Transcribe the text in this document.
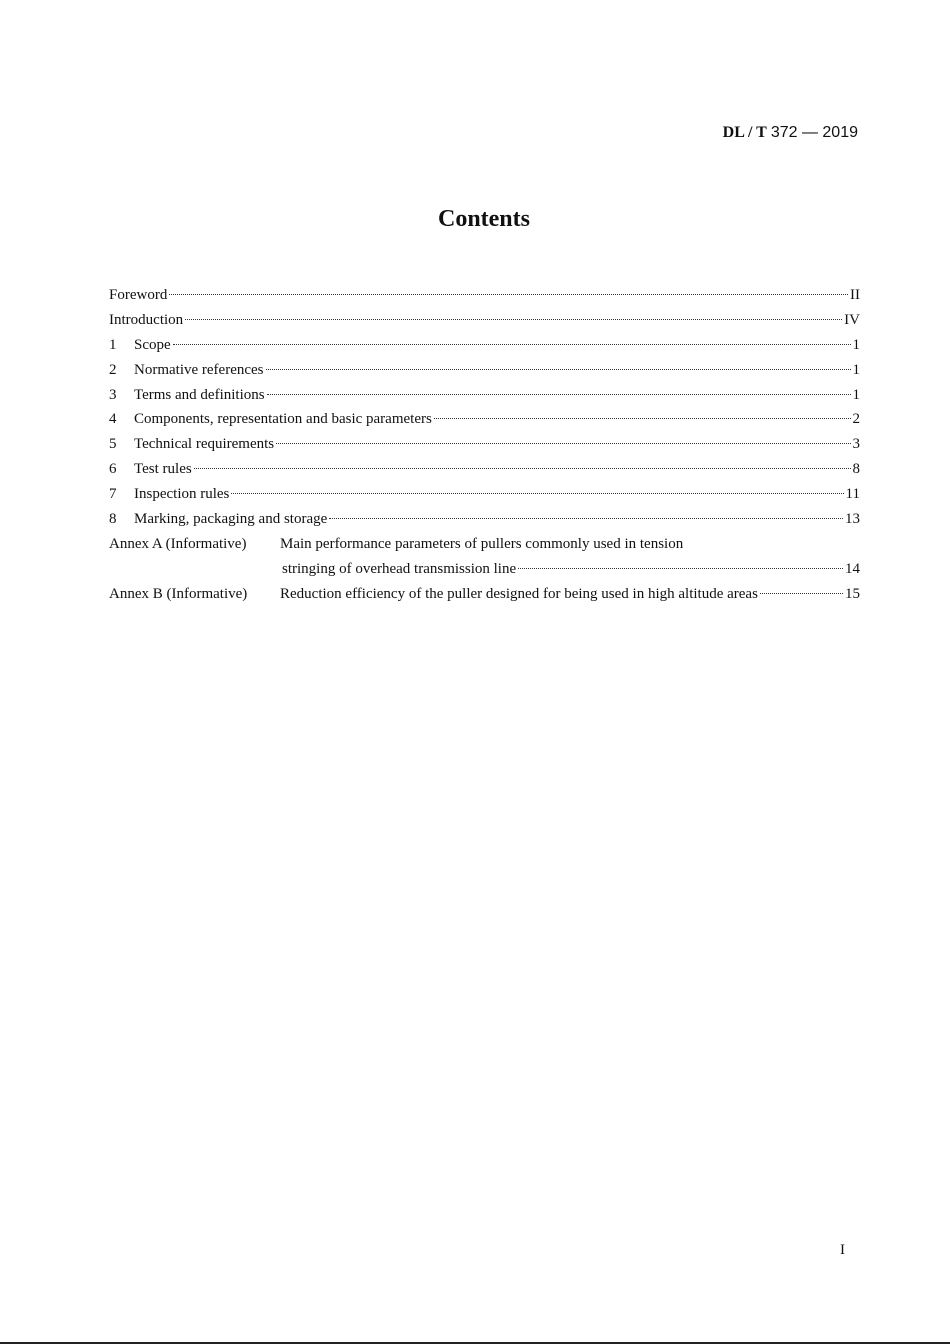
DL / T 372 — 2019
Contents
Foreword	II
Introduction	IV
1	Scope	1
2	Normative references	1
3	Terms and definitions	1
4	Components, representation and basic parameters	2
5	Technical requirements	3
6	Test rules	8
7	Inspection rules	11
8	Marking, packaging and storage	13
Annex A (Informative)	Main performance parameters of pullers commonly used in tension
stringing of overhead transmission line	14
Annex B (Informative)	Reduction efficiency of the puller designed for being used in high altitude areas	15
I
